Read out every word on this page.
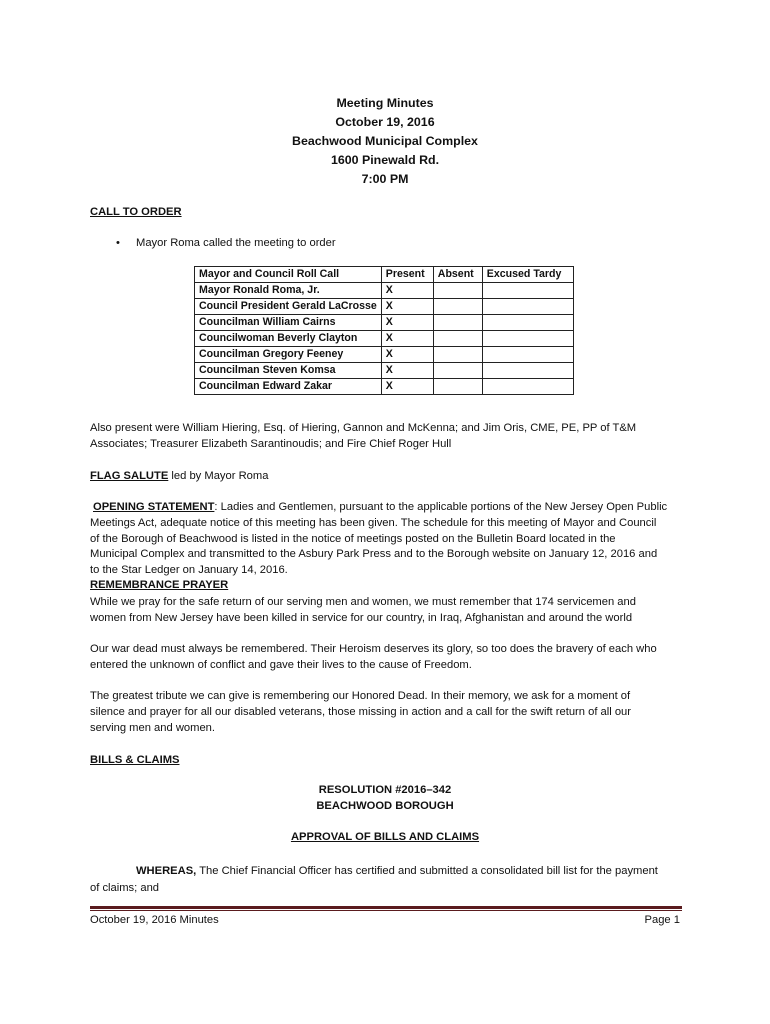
Meeting Minutes
October 19, 2016
Beachwood Municipal Complex
1600 Pinewald Rd.
7:00 PM

CALL TO ORDER

• Mayor Roma called the meeting to order

Mayor and Council Roll Call	Present	Absent	Excused Tardy
Mayor Ronald Roma, Jr.	X		
Council President Gerald LaCrosse	X		
Councilman William Cairns	X		
Councilwoman Beverly Clayton	X		
Councilman Gregory Feeney	X		
Councilman Steven Komsa	X		
Councilman Edward Zakar	X		

Also present were William Hiering, Esq. of Hiering, Gannon and McKenna; and Jim Oris, CME, PE, PP of T&M

Associates; Treasurer Elizabeth Sarantinoudis; and Fire Chief Roger Hull

FLAG SALUTE led by Mayor Roma

OPENING STATEMENT: Ladies and Gentlemen, pursuant to the applicable portions of the New Jersey Open Public

Meetings Act, adequate notice of this meeting has been given. The schedule for this meeting of Mayor and Council

of the Borough of Beachwood is listed in the notice of meetings posted on the Bulletin Board located in the

Municipal Complex and transmitted to the Asbury Park Press and to the Borough website on January 12, 2016 and

to the Star Ledger on January 14, 2016.

REMEMBRANCE PRAYER

While we pray for the safe return of our serving men and women, we must remember that 174 servicemen and

women from New Jersey have been killed in service for our country, in Iraq, Afghanistan and around the world

Our war dead must always be remembered. Their Heroism deserves its glory, so too does the bravery of each who

entered the unknown of conflict and gave their lives to the cause of Freedom.

The greatest tribute we can give is remembering our Honored Dead. In their memory, we ask for a moment of

silence and prayer for all our disabled veterans, those missing in action and a call for the swift return of all our

serving men and women.

BILLS & CLAIMS

RESOLUTION #2016–342
BEACHWOOD BOROUGH
APPROVAL OF BILLS AND CLAIMS

WHEREAS, The Chief Financial Officer has certified and submitted a consolidated bill list for the payment

of claims; and

October 19, 2016 Minutes	Page 1
